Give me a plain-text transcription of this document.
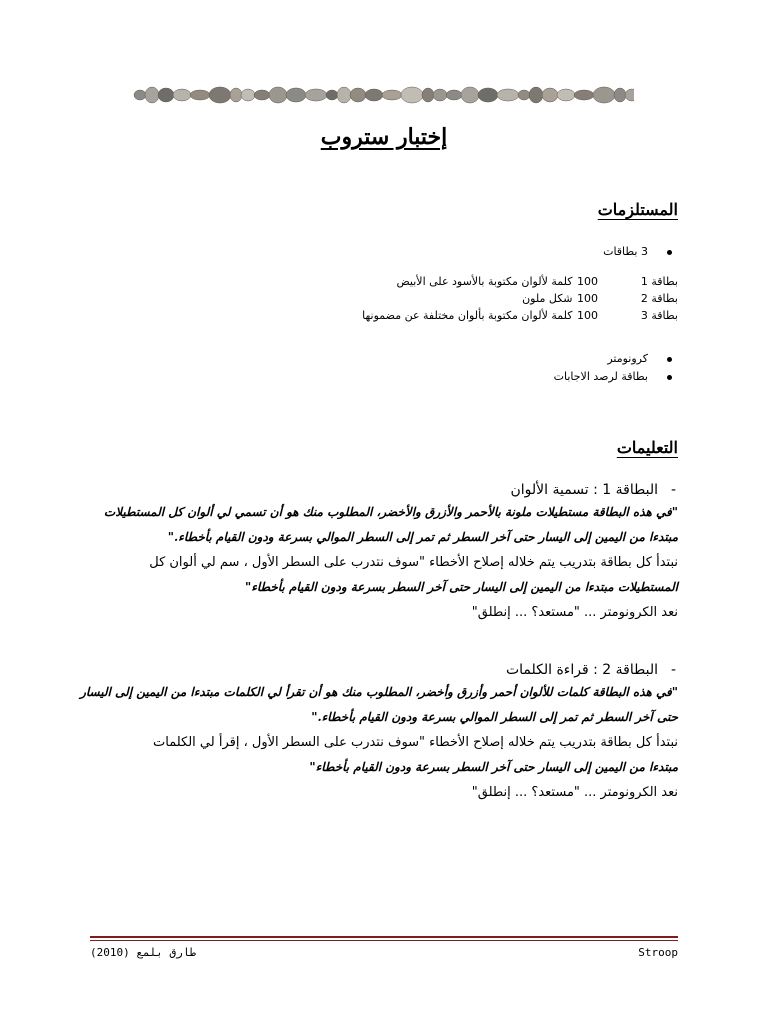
إختبار ستروب
المستلزمات
3 بطاقات
بطاقة 1100 كلمة لألوان مكتوبة بالأسود على الأبيض
بطاقة 2100 شكل ملون
بطاقة 3100 كلمة لألوان مكتوبة بألوان مختلفة عن مضمونها
كرونومتر
بطاقة لرصد الاجابات
التعليمات
- البطاقة 1 : تسمية الألوان
"في هذه البطاقة مستطيلات ملونة بالأحمر والأزرق والأخضر، المطلوب منك هو أن تسمي لي ألوان كل المستطيلات
مبتدءا من اليمين إلى اليسار حتى آخر السطر ثم تمر إلى السطر الموالي بسرعة ودون القيام بأخطاء."
نبتدأ كل بطاقة بتدريب يتم خلاله إصلاح الأخطاء "سوف نتدرب على السطر الأول ، سم لي ألوان كل
المستطيلات مبتدءا من اليمين إلى اليسار حتى آخر السطر بسرعة ودون القيام بأخطاء"
نعد الكرونومتر ... "مستعد؟ ... إنطلق"
- البطاقة 2 : قراءة الكلمات
"في هذه البطاقة كلمات للألوان أحمر وأزرق وأخضر، المطلوب منك هو أن تقرأ لي الكلمات مبتدءا من اليمين إلى اليسار
حتى آخر السطر ثم تمر إلى السطر الموالي بسرعة ودون القيام بأخطاء."
نبتدأ كل بطاقة بتدريب يتم خلاله إصلاح الأخطاء "سوف نتدرب على السطر الأول ، إقرأ لي الكلمات
مبتدءا من اليمين إلى اليسار حتى آخر السطر بسرعة ودون القيام بأخطاء"
نعد الكرونومتر ... "مستعد؟ ... إنطلق"
طارق بلمع (2010)	Stroop
